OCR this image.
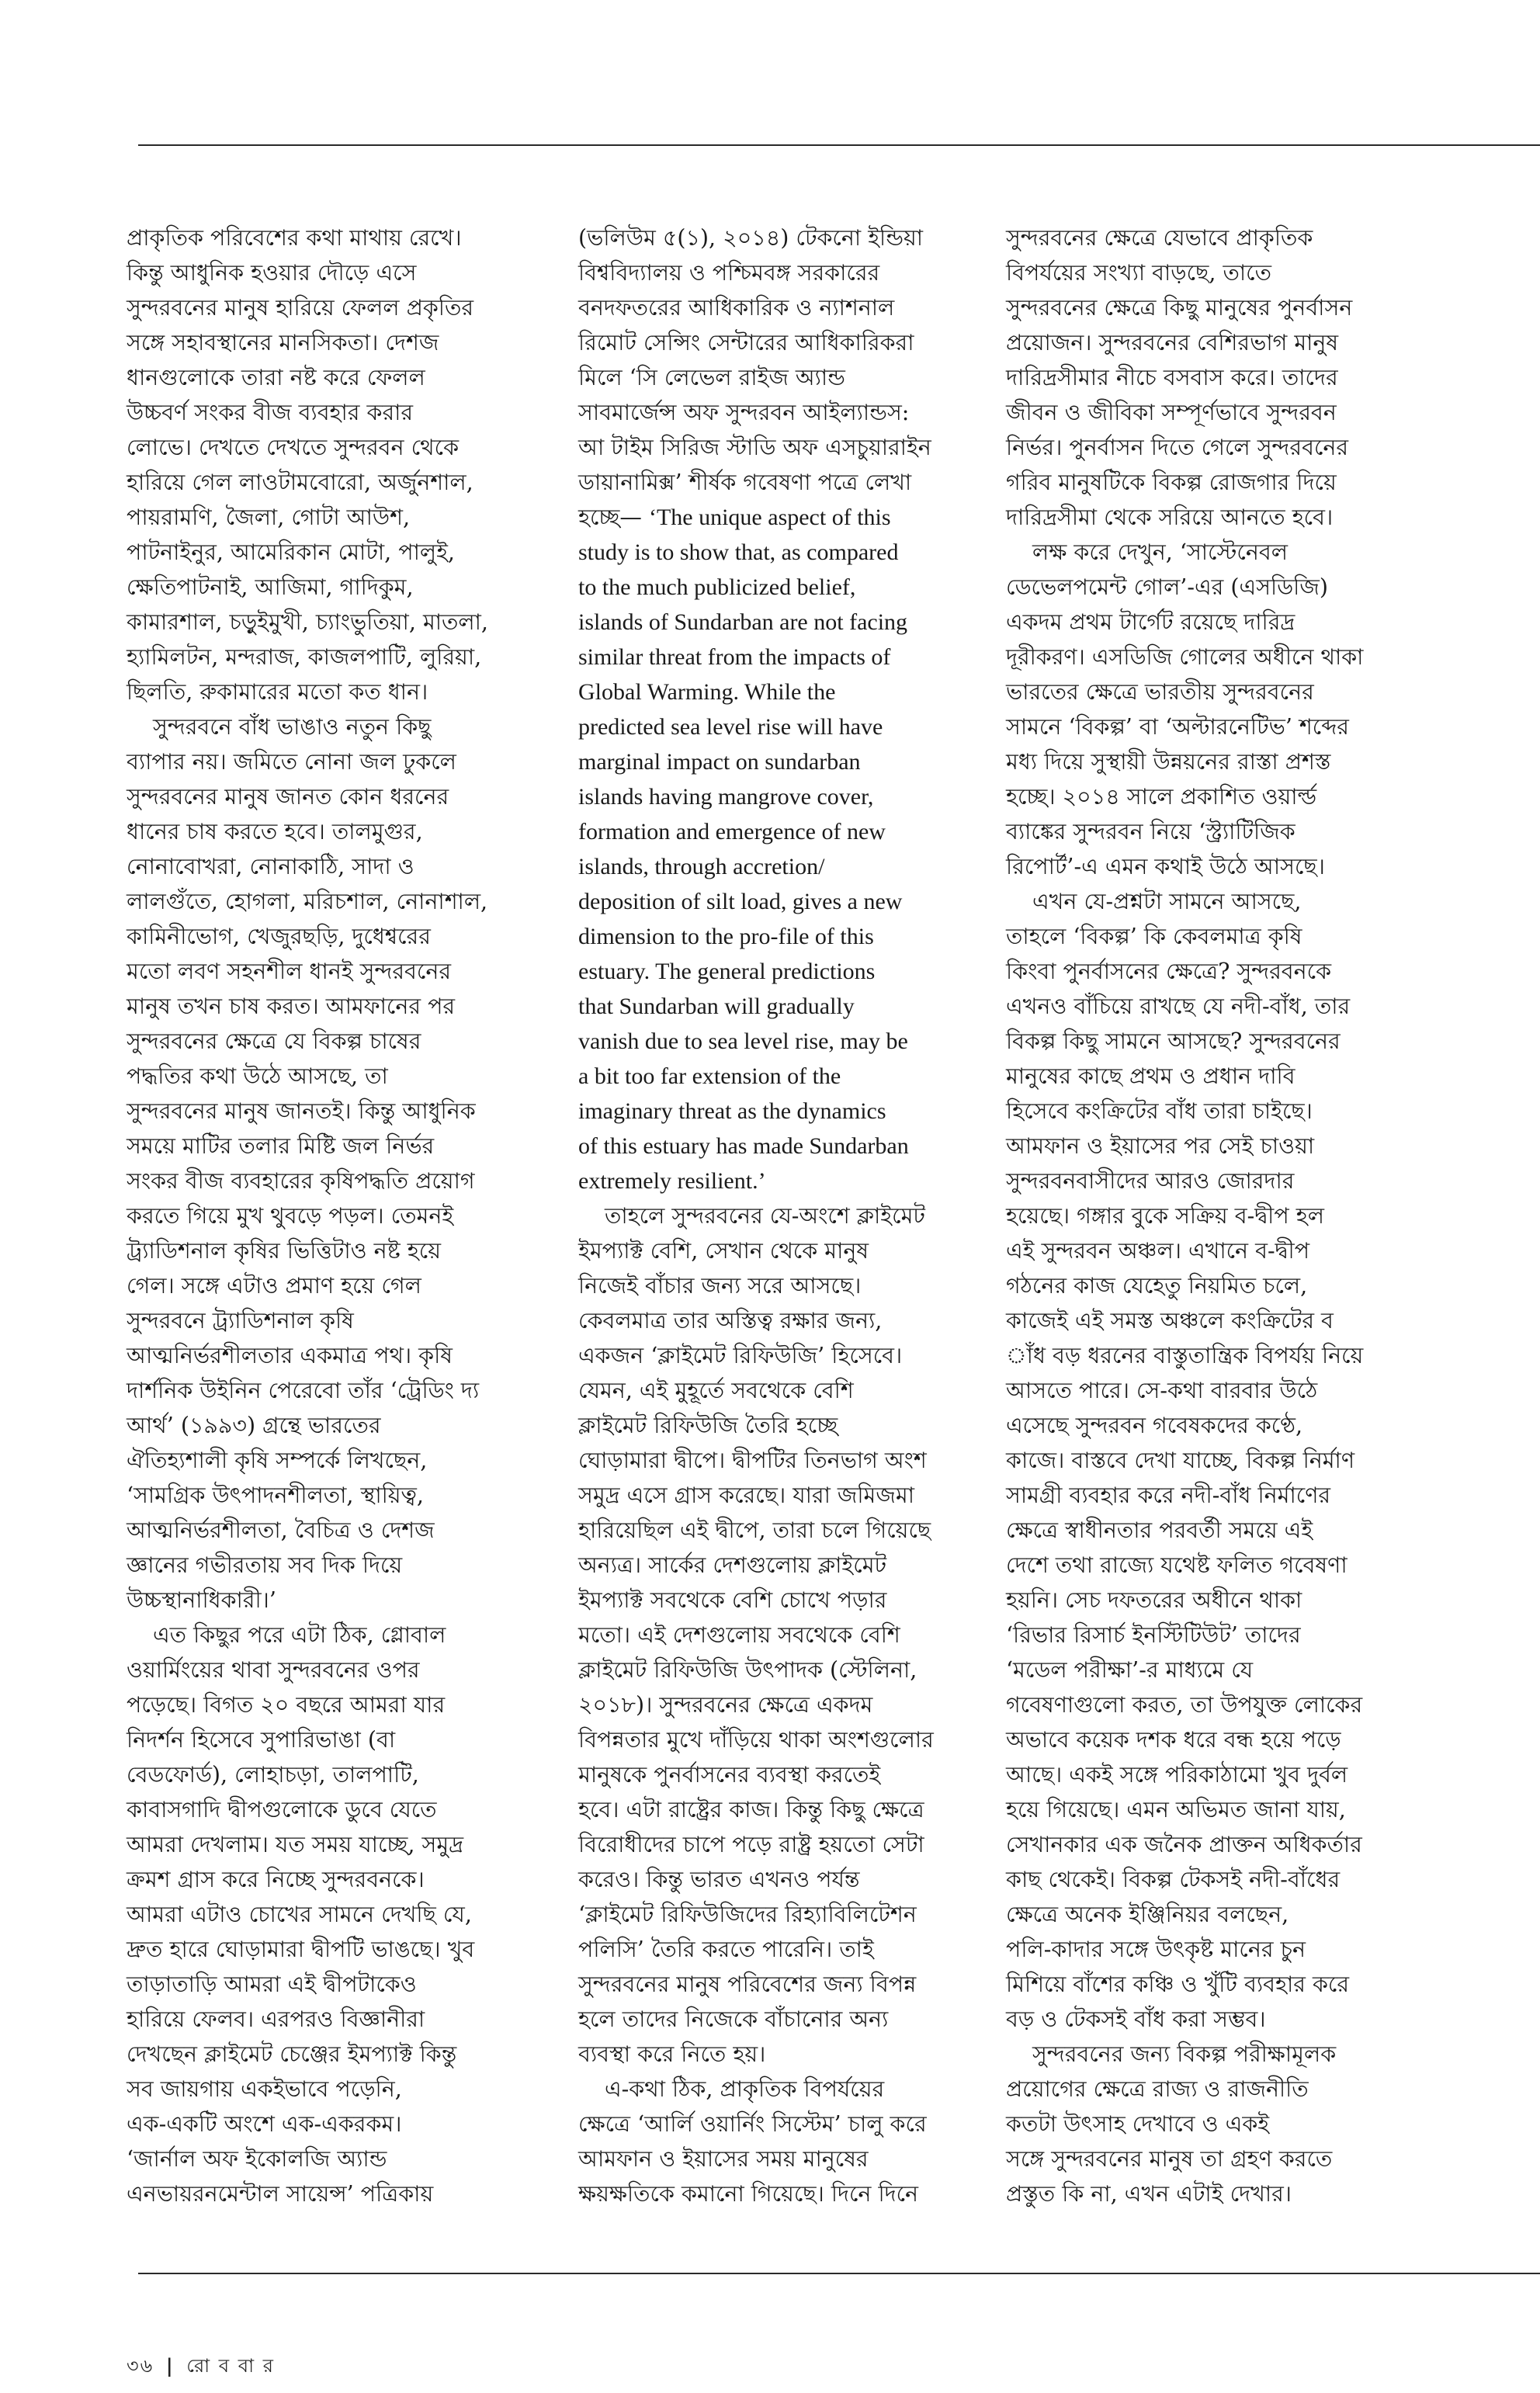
প্রাকৃতিক পরিবেশের কথা মাথায় রেখে।
কিন্তু আধুনিক হওয়ার দৌড়ে এসে
সুন্দরবনের মানুষ হারিয়ে ফেলল প্রকৃতির
সঙ্গে সহাবস্থানের মানসিকতা। দেশজ
ধানগুলোকে তারা নষ্ট করে ফেলল
উচ্চবর্ণ সংকর বীজ ব্যবহার করার
লোভে। দেখতে দেখতে সুন্দরবন থেকে
হারিয়ে গেল লাওটামবোরো, অর্জুনশাল,
পায়রামণি, জৈলা, গোটা আউশ,
পাটনাইনুর, আমেরিকান মোটা, পালুই,
ক্ষেতিপাটনাই, আজিমা, গাদিকুম,
কামারশাল, চড়ুইমুখী, চ্যাংভুতিয়া, মাতলা,
হ্যামিলটন, মন্দরাজ, কাজলপাটি, লুরিয়া,
ছিলতি, রুকামারের মতো কত ধান।

সুন্দরবনে বাঁধ ভাঙাও নতুন কিছু
ব্যাপার নয়। জমিতে নোনা জল ঢুকলে
সুন্দরবনের মানুষ জানত কোন ধরনের
ধানের চাষ করতে হবে। তালমুগুর,
নোনাবোখরা, নোনাকাঠি, সাদা ও
লালগুঁতে, হোগলা, মরিচশাল, নোনাশাল,
কামিনীভোগ, খেজুরছড়ি, দুধেশ্বরের
মতো লবণ সহনশীল ধানই সুন্দরবনের
মানুষ তখন চাষ করত। আমফানের পর
সুন্দরবনের ক্ষেত্রে যে বিকল্প চাষের
পদ্ধতির কথা উঠে আসছে, তা
সুন্দরবনের মানুষ জানতই। কিন্তু আধুনিক
সময়ে মাটির তলার মিষ্টি জল নির্ভর
সংকর বীজ ব্যবহারের কৃষিপদ্ধতি প্রয়োগ
করতে গিয়ে মুখ থুবড়ে পড়ল। তেমনই
ট্র্যাডিশনাল কৃষির ভিত্তিটাও নষ্ট হয়ে
গেল। সঙ্গে এটাও প্রমাণ হয়ে গেল
সুন্দরবনে ট্র্যাডিশনাল কৃষি
আত্মনির্ভরশীলতার একমাত্র পথ। কৃষি
দার্শনিক উইনিন পেরেবো তাঁর ‘ট্রেডিং দ্য
আর্থ’ (১৯৯৩) গ্রন্থে ভারতের
ঐতিহ্যশালী কৃষি সম্পর্কে লিখছেন,
‘সামগ্রিক উৎপাদনশীলতা, স্থায়িত্ব,
আত্মনির্ভরশীলতা, বৈচিত্র ও দেশজ
জ্ঞানের গভীরতায় সব দিক দিয়ে
উচ্চস্থানাধিকারী।’

এত কিছুর পরে এটা ঠিক, গ্লোবাল
ওয়ার্মিংয়ের থাবা সুন্দরবনের ওপর
পড়েছে। বিগত ২০ বছরে আমরা যার
নিদর্শন হিসেবে সুপারিভাঙা (বা
বেডফোর্ড), লোহাচড়া, তালপাটি,
কাবাসগাদি দ্বীপগুলোকে ডুবে যেতে
আমরা দেখলাম। যত সময় যাচ্ছে, সমুদ্র
ক্রমশ গ্রাস করে নিচ্ছে সুন্দরবনকে।
আমরা এটাও চোখের সামনে দেখছি যে,
দ্রুত হারে ঘোড়ামারা দ্বীপটি ভাঙছে। খুব
তাড়াতাড়ি আমরা এই দ্বীপটাকেও
হারিয়ে ফেলব। এরপরও বিজ্ঞানীরা
দেখছেন ক্লাইমেট চেঞ্জের ইমপ্যাক্ট কিন্তু
সব জায়গায় একইভাবে পড়েনি,
এক-একটি অংশে এক-একরকম।
‘জার্নাল অফ ইকোলজি অ্যান্ড
এনভায়রনমেন্টাল সায়েন্স’ পত্রিকায়

(ভলিউম ৫(১), ২০১৪) টেকনো ইন্ডিয়া
বিশ্ববিদ্যালয় ও পশ্চিমবঙ্গ সরকারের
বনদফতরের আধিকারিক ও ন্যাশনাল
রিমোট সেন্সিং সেন্টারের আধিকারিকরা
মিলে ‘সি লেভেল রাইজ অ্যান্ড
সাবমার্জেন্স অফ সুন্দরবন আইল্যান্ডস:
আ টাইম সিরিজ স্টাডি অফ এসচুয়ারাইন
ডায়ানামিক্স’ শীর্ষক গবেষণা পত্রে লেখা
হচ্ছে— ‘The unique aspect of this
study is to show that, as compared
to the much publicized belief,
islands of Sundarban are not facing
similar threat from the impacts of
Global Warming. While the
predicted sea level rise will have
marginal impact on sundarban
islands having mangrove cover,
formation and emergence of new
islands, through accretion/
deposition of silt load, gives a new
dimension to the pro-file of this
estuary. The general predictions
that Sundarban will gradually
vanish due to sea level rise, may be
a bit too far extension of the
imaginary threat as the dynamics
of this estuary has made Sundarban
extremely resilient.’

তাহলে সুন্দরবনের যে-অংশে ক্লাইমেট
ইমপ্যাক্ট বেশি, সেখান থেকে মানুষ
নিজেই বাঁচার জন্য সরে আসছে।
কেবলমাত্র তার অস্তিত্ব রক্ষার জন্য,
একজন ‘ক্লাইমেট রিফিউজি’ হিসেবে।
যেমন, এই মুহূর্তে সবথেকে বেশি
ক্লাইমেট রিফিউজি তৈরি হচ্ছে
ঘোড়ামারা দ্বীপে। দ্বীপটির তিনভাগ অংশ
সমুদ্র এসে গ্রাস করেছে। যারা জমিজমা
হারিয়েছিল এই দ্বীপে, তারা চলে গিয়েছে
অন্যত্র। সার্কের দেশগুলোয় ক্লাইমেট
ইমপ্যাক্ট সবথেকে বেশি চোখে পড়ার
মতো। এই দেশগুলোয় সবথেকে বেশি
ক্লাইমেট রিফিউজি উৎপাদক (স্টেলিনা,
২০১৮)। সুন্দরবনের ক্ষেত্রে একদম
বিপন্নতার মুখে দাঁড়িয়ে থাকা অংশগুলোর
মানুষকে পুনর্বাসনের ব্যবস্থা করতেই
হবে। এটা রাষ্ট্রের কাজ। কিন্তু কিছু ক্ষেত্রে
বিরোধীদের চাপে পড়ে রাষ্ট্র হয়তো সেটা
করেও। কিন্তু ভারত এখনও পর্যন্ত
‘ক্লাইমেট রিফিউজিদের রিহ্যাবিলিটেশন
পলিসি’ তৈরি করতে পারেনি। তাই
সুন্দরবনের মানুষ পরিবেশের জন্য বিপন্ন
হলে তাদের নিজেকে বাঁচানোর অন্য
ব্যবস্থা করে নিতে হয়।

এ-কথা ঠিক, প্রাকৃতিক বিপর্যয়ের
ক্ষেত্রে ‘আর্লি ওয়ার্নিং সিস্টেম’ চালু করে
আমফান ও ইয়াসের সময় মানুষের
ক্ষয়ক্ষতিকে কমানো গিয়েছে। দিনে দিনে

সুন্দরবনের ক্ষেত্রে যেভাবে প্রাকৃতিক
বিপর্যয়ের সংখ্যা বাড়ছে, তাতে
সুন্দরবনের ক্ষেত্রে কিছু মানুষের পুনর্বাসন
প্রয়োজন। সুন্দরবনের বেশিরভাগ মানুষ
দারিদ্রসীমার নীচে বসবাস করে। তাদের
জীবন ও জীবিকা সম্পূর্ণভাবে সুন্দরবন
নির্ভর। পুনর্বাসন দিতে গেলে সুন্দরবনের
গরিব মানুষটিকে বিকল্প রোজগার দিয়ে
দারিদ্রসীমা থেকে সরিয়ে আনতে হবে।

লক্ষ করে দেখুন, ‘সাস্টেনেবল
ডেভেলপমেন্ট গোল’-এর (এসডিজি)
একদম প্রথম টার্গেট রয়েছে দারিদ্র
দূরীকরণ। এসডিজি গোলের অধীনে থাকা
ভারতের ক্ষেত্রে ভারতীয় সুন্দরবনের
সামনে ‘বিকল্প’ বা ‘অল্টারনেটিভ’ শব্দের
মধ্য দিয়ে সুস্থায়ী উন্নয়নের রাস্তা প্রশস্ত
হচ্ছে। ২০১৪ সালে প্রকাশিত ওয়ার্ল্ড
ব্যাঙ্কের সুন্দরবন নিয়ে ‘স্ট্র্যাটিজিক
রিপোর্ট’-এ এমন কথাই উঠে আসছে।

এখন যে-প্রশ্নটা সামনে আসছে,
তাহলে ‘বিকল্প’ কি কেবলমাত্র কৃষি
কিংবা পুনর্বাসনের ক্ষেত্রে? সুন্দরবনকে
এখনও বাঁচিয়ে রাখছে যে নদী-বাঁধ, তার
বিকল্প কিছু সামনে আসছে? সুন্দরবনের
মানুষের কাছে প্রথম ও প্রধান দাবি
হিসেবে কংক্রিটের বাঁধ তারা চাইছে।
আমফান ও ইয়াসের পর সেই চাওয়া
সুন্দরবনবাসীদের আরও জোরদার
হয়েছে। গঙ্গার বুকে সক্রিয় ব-দ্বীপ হল
এই সুন্দরবন অঞ্চল। এখানে ব-দ্বীপ
গঠনের কাজ যেহেতু নিয়মিত চলে,
কাজেই এই সমস্ত অঞ্চলে কংক্রিটের ব
াঁধ বড় ধরনের বাস্তুতান্ত্রিক বিপর্যয় নিয়ে
আসতে পারে। সে-কথা বারবার উঠে
এসেছে সুন্দরবন গবেষকদের কণ্ঠে,
কাজে। বাস্তবে দেখা যাচ্ছে, বিকল্প নির্মাণ
সামগ্রী ব্যবহার করে নদী-বাঁধ নির্মাণের
ক্ষেত্রে স্বাধীনতার পরবর্তী সময়ে এই
দেশে তথা রাজ্যে যথেষ্ট ফলিত গবেষণা
হয়নি। সেচ দফতরের অধীনে থাকা
‘রিভার রিসার্চ ইনস্টিটিউট’ তাদের
‘মডেল পরীক্ষা’-র মাধ্যমে যে
গবেষণাগুলো করত, তা উপযুক্ত লোকের
অভাবে কয়েক দশক ধরে বন্ধ হয়ে পড়ে
আছে। একই সঙ্গে পরিকাঠামো খুব দুর্বল
হয়ে গিয়েছে। এমন অভিমত জানা যায়,
সেখানকার এক জনৈক প্রাক্তন অধিকর্তার
কাছ থেকেই। বিকল্প টেকসই নদী-বাঁধের
ক্ষেত্রে অনেক ইঞ্জিনিয়র বলছেন,
পলি-কাদার সঙ্গে উৎকৃষ্ট মানের চুন
মিশিয়ে বাঁশের কঞ্চি ও খুঁটি ব্যবহার করে
বড় ও টেকসই বাঁধ করা সম্ভব।

সুন্দরবনের জন্য বিকল্প পরীক্ষামূলক
প্রয়োগের ক্ষেত্রে রাজ্য ও রাজনীতি
কতটা উৎসাহ দেখাবে ও একই
সঙ্গে সুন্দরবনের মানুষ তা গ্রহণ করতে
প্রস্তুত কি না, এখন এটাই দেখার।

৩৬ | রো ব বা র
